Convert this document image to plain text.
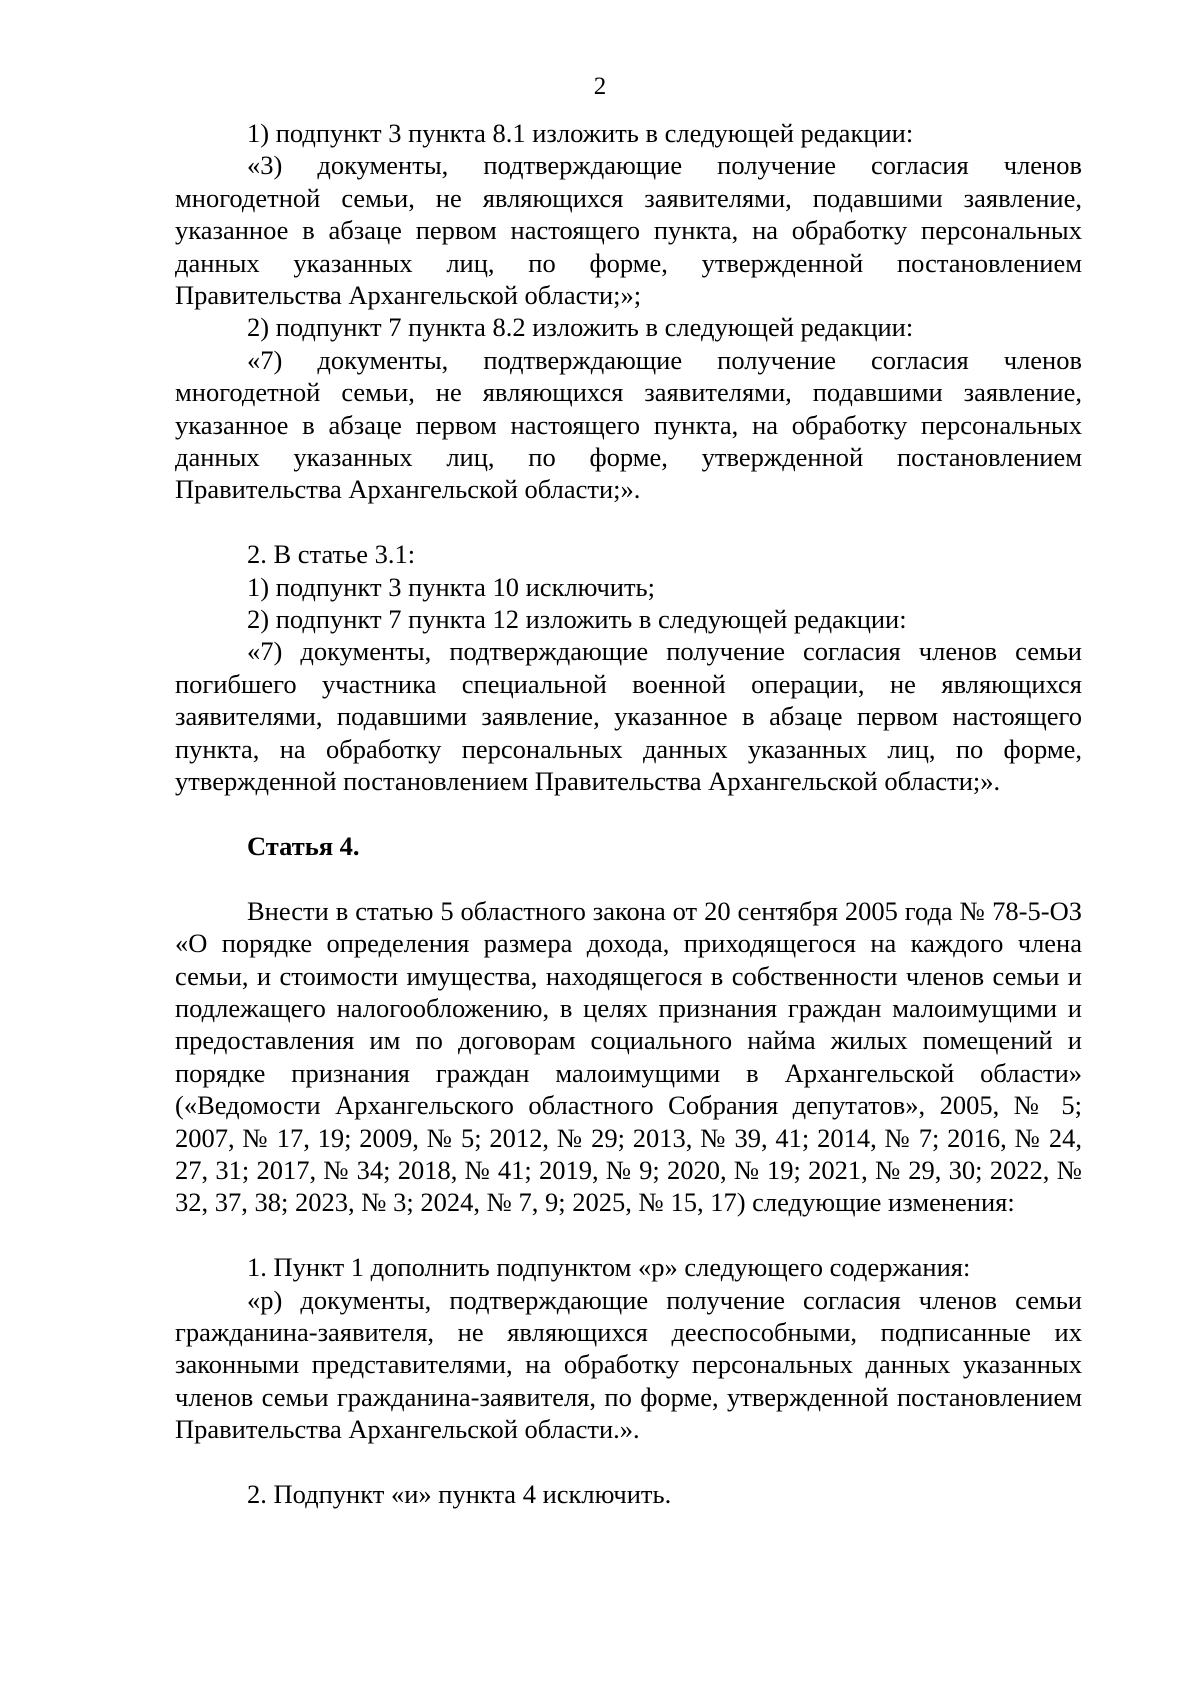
2

1) подпункт 3 пункта 8.1 изложить в следующей редакции:

«3) документы, подтверждающие получение согласия членов многодетной семьи, не являющихся заявителями, подавшими заявление, указанное в абзаце первом настоящего пункта, на обработку персональных данных указанных лиц, по форме, утвержденной постановлением Правительства Архангельской области;»;

2) подпункт 7 пункта 8.2 изложить в следующей редакции:

«7) документы, подтверждающие получение согласия членов многодетной семьи, не являющихся заявителями, подавшими заявление, указанное в абзаце первом настоящего пункта, на обработку персональных данных указанных лиц, по форме, утвержденной постановлением Правительства Архангельской области;».

2. В статье 3.1:

1) подпункт 3 пункта 10 исключить;

2) подпункт 7 пункта 12 изложить в следующей редакции:

«7) документы, подтверждающие получение согласия членов семьи погибшего участника специальной военной операции, не являющихся заявителями, подавшими заявление, указанное в абзаце первом настоящего пункта, на обработку персональных данных указанных лиц, по форме, утвержденной постановлением Правительства Архангельской области;».

Статья 4.

Внести в статью 5 областного закона от 20 сентября 2005 года № 78-5-ОЗ «О порядке определения размера дохода, приходящегося на каждого члена семьи, и стоимости имущества, находящегося в собственности членов семьи и подлежащего налогообложению, в целях признания граждан малоимущими и предоставления им по договорам социального найма жилых помещений и порядке признания граждан малоимущими в Архангельской области» («Ведомости Архангельского областного Собрания депутатов», 2005, № 5; 2007, № 17, 19; 2009, № 5; 2012, № 29; 2013, № 39, 41; 2014, № 7; 2016, № 24, 27, 31; 2017, № 34; 2018, № 41; 2019, № 9; 2020, № 19; 2021, № 29, 30; 2022, № 32, 37, 38; 2023, № 3; 2024, № 7, 9; 2025, № 15, 17) следующие изменения:

1. Пункт 1 дополнить подпунктом «р» следующего содержания:

«р) документы, подтверждающие получение согласия членов семьи гражданина-заявителя, не являющихся дееспособными, подписанные их законными представителями, на обработку персональных данных указанных членов семьи гражданина-заявителя, по форме, утвержденной постановлением Правительства Архангельской области.».

2. Подпункт «и» пункта 4 исключить.
